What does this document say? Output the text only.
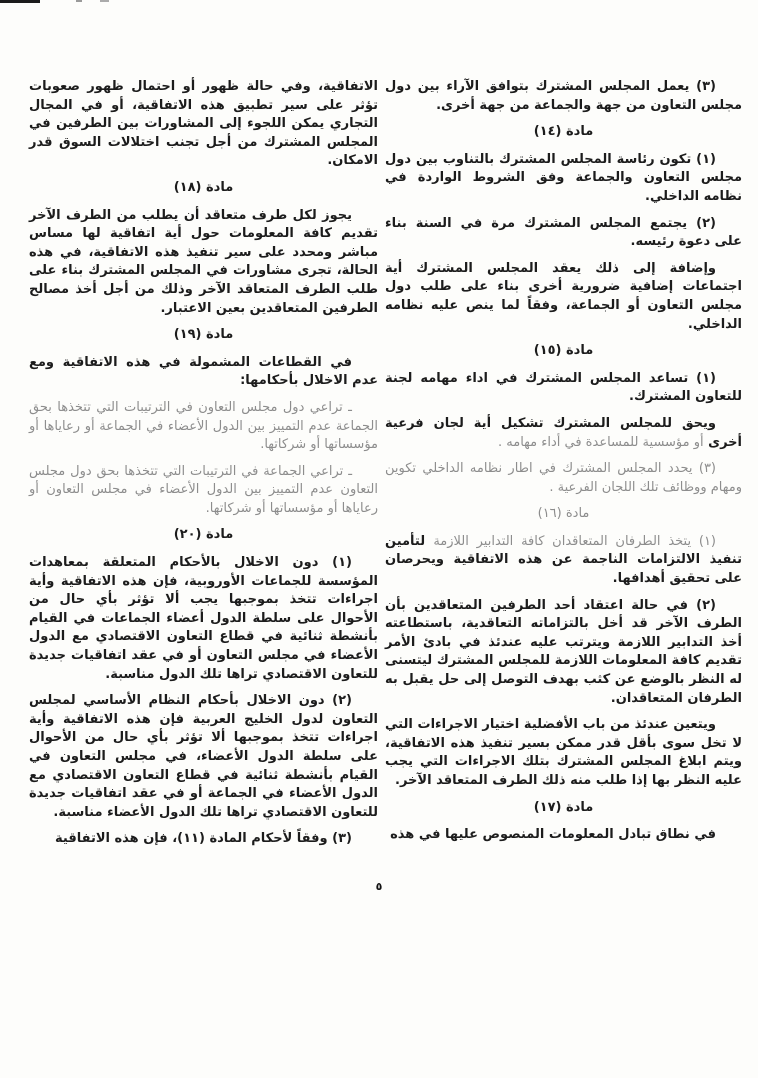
(٣) يعمل المجلس المشترك بتوافق الآراء بين دول مجلس التعاون من جهة والجماعة من جهة أخرى.
مادة (١٤)
(١) تكون رئاسة المجلس المشترك بالتناوب بين دول مجلس التعاون والجماعة وفق الشروط الواردة في نظامه الداخلي.
(٢) يجتمع المجلس المشترك مرة في السنة بناء على دعوة رئيسه.
وإضافة إلى ذلك يعقد المجلس المشترك أية اجتماعات إضافية ضرورية أخرى بناء على طلب دول مجلس التعاون أو الجماعة، وفقاً لما ينص عليه نظامه الداخلي.
مادة (١٥)
(١) تساعد المجلس المشترك في اداء مهامه لجنة للتعاون المشترك.
ويحق للمجلس المشترك تشكيل أية لجان فرعية أخرى أو مؤسسية للمساعدة في أداء مهامه .
(٣) يحدد المجلس المشترك في اطار نظامه الداخلي تكوين ومهام ووظائف تلك اللجان الفرعية .
مادة (١٦)
(١) يتخذ الطرفان المتعاقدان كافة التدابير اللازمة لتأمين تنفيذ الالتزامات الناجمة عن هذه الاتفاقية ويحرصان على تحقيق أهدافها.
(٢) في حالة اعتقاد أحد الطرفين المتعاقدين بأن الطرف الآخر قد أخل بالتزاماته التعاقدية، باستطاعته أخذ التدابير اللازمة ويترتب عليه عندئذ في بادئ الأمر تقديم كافة المعلومات اللازمة للمجلس المشترك ليتسنى له النظر بالوضع عن كثب بهدف التوصل إلى حل يقبل به الطرفان المتعاقدان.
ويتعين عندئذ من باب الأفضلية اختيار الاجراءات التي لا تخل سوى بأقل قدر ممكن بسير تنفيذ هذه الاتفاقية، ويتم ابلاغ المجلس المشترك بتلك الاجراءات التي يجب عليه النظر بها إذا طلب منه ذلك الطرف المتعاقد الآخر.
مادة (١٧)
في نطاق تبادل المعلومات المنصوص عليها في هذه
الاتفاقية، وفي حالة ظهور أو احتمال ظهور صعوبات تؤثر على سير تطبيق هذه الاتفاقية، أو في المجال التجاري يمكن اللجوء إلى المشاورات بين الطرفين في المجلس المشترك من أجل تجنب اختلالات السوق قدر الامكان.
مادة (١٨)
يجوز لكل طرف متعاقد أن يطلب من الطرف الآخر تقديم كافة المعلومات حول أية اتفاقية لها مساس مباشر ومحدد على سير تنفيذ هذه الاتفاقية، في هذه الحالة، تجرى مشاورات في المجلس المشترك بناء على طلب الطرف المتعاقد الآخر وذلك من أجل أخذ مصالح الطرفين المتعاقدين بعين الاعتبار.
مادة (١٩)
في القطاعات المشمولة في هذه الاتفاقية ومع عدم الاخلال بأحكامها:
ـ تراعي دول مجلس التعاون في الترتيبات التي تتخذها بحق الجماعة عدم التمييز بين الدول الأعضاء في الجماعة أو رعاياها أو مؤسساتها أو شركاتها.
ـ تراعي الجماعة في الترتيبات التي تتخذها بحق دول مجلس التعاون عدم التمييز بين الدول الأعضاء في مجلس التعاون أو رعاياها أو مؤسساتها أو شركاتها.
مادة (٢٠)
(١) دون الاخلال بالأحكام المتعلقة بمعاهدات المؤسسة للجماعات الأوروبية، فإن هذه الاتفاقية وأية اجراءات تتخذ بموجبها يجب ألا تؤثر بأي حال من الأحوال على سلطة الدول أعضاء الجماعات في القيام بأنشطة ثنائية في قطاع التعاون الاقتصادي مع الدول الأعضاء في مجلس التعاون أو في عقد اتفاقيات جديدة للتعاون الاقتصادي تراها تلك الدول مناسبة.
(٢) دون الاخلال بأحكام النظام الأساسي لمجلس التعاون لدول الخليج العربية فإن هذه الاتفاقية وأية اجراءات تتخذ بموجبها ألا تؤثر بأي حال من الأحوال على سلطة الدول الأعضاء، في مجلس التعاون في القيام بأنشطة ثنائية في قطاع التعاون الاقتصادي مع الدول الأعضاء في الجماعة أو في عقد اتفاقيات جديدة للتعاون الاقتصادي تراها تلك الدول الأعضاء مناسبة.
(٣) وفقاً لأحكام المادة (١١)، فإن هذه الاتفاقية
٥
